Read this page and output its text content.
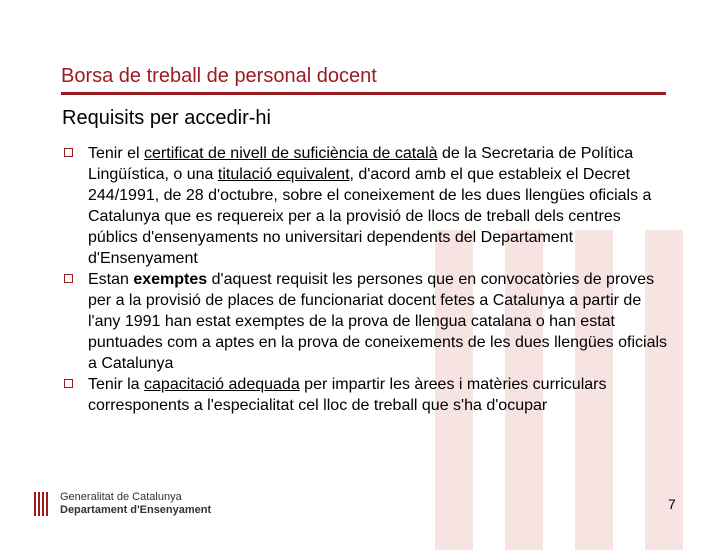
Borsa de treball de personal docent
Requisits per accedir-hi
Tenir el certificat de nivell de suficiència de català de la Secretaria de Política Lingüística, o una titulació equivalent, d'acord amb el que estableix el Decret 244/1991, de 28 d'octubre, sobre el coneixement de les dues llengües oficials a Catalunya que es requereix per a la provisió de llocs de treball dels centres públics d'ensenyaments no universitari dependents del Departament d'Ensenyament
Estan exemptes d'aquest requisit les persones que en convocatòries de proves per a la provisió de places de funcionariat docent fetes a Catalunya a partir de l'any 1991 han estat exemptes de la prova de llengua catalana o han estat puntuades com a aptes en la prova de coneixements de les dues llengües oficials a Catalunya
Tenir la capacitació adequada per impartir les àrees i matèries curriculars corresponents a l'especialitat cel lloc de treball que s'ha d'ocupar
Generalitat de Catalunya
Departament d'Ensenyament	7
